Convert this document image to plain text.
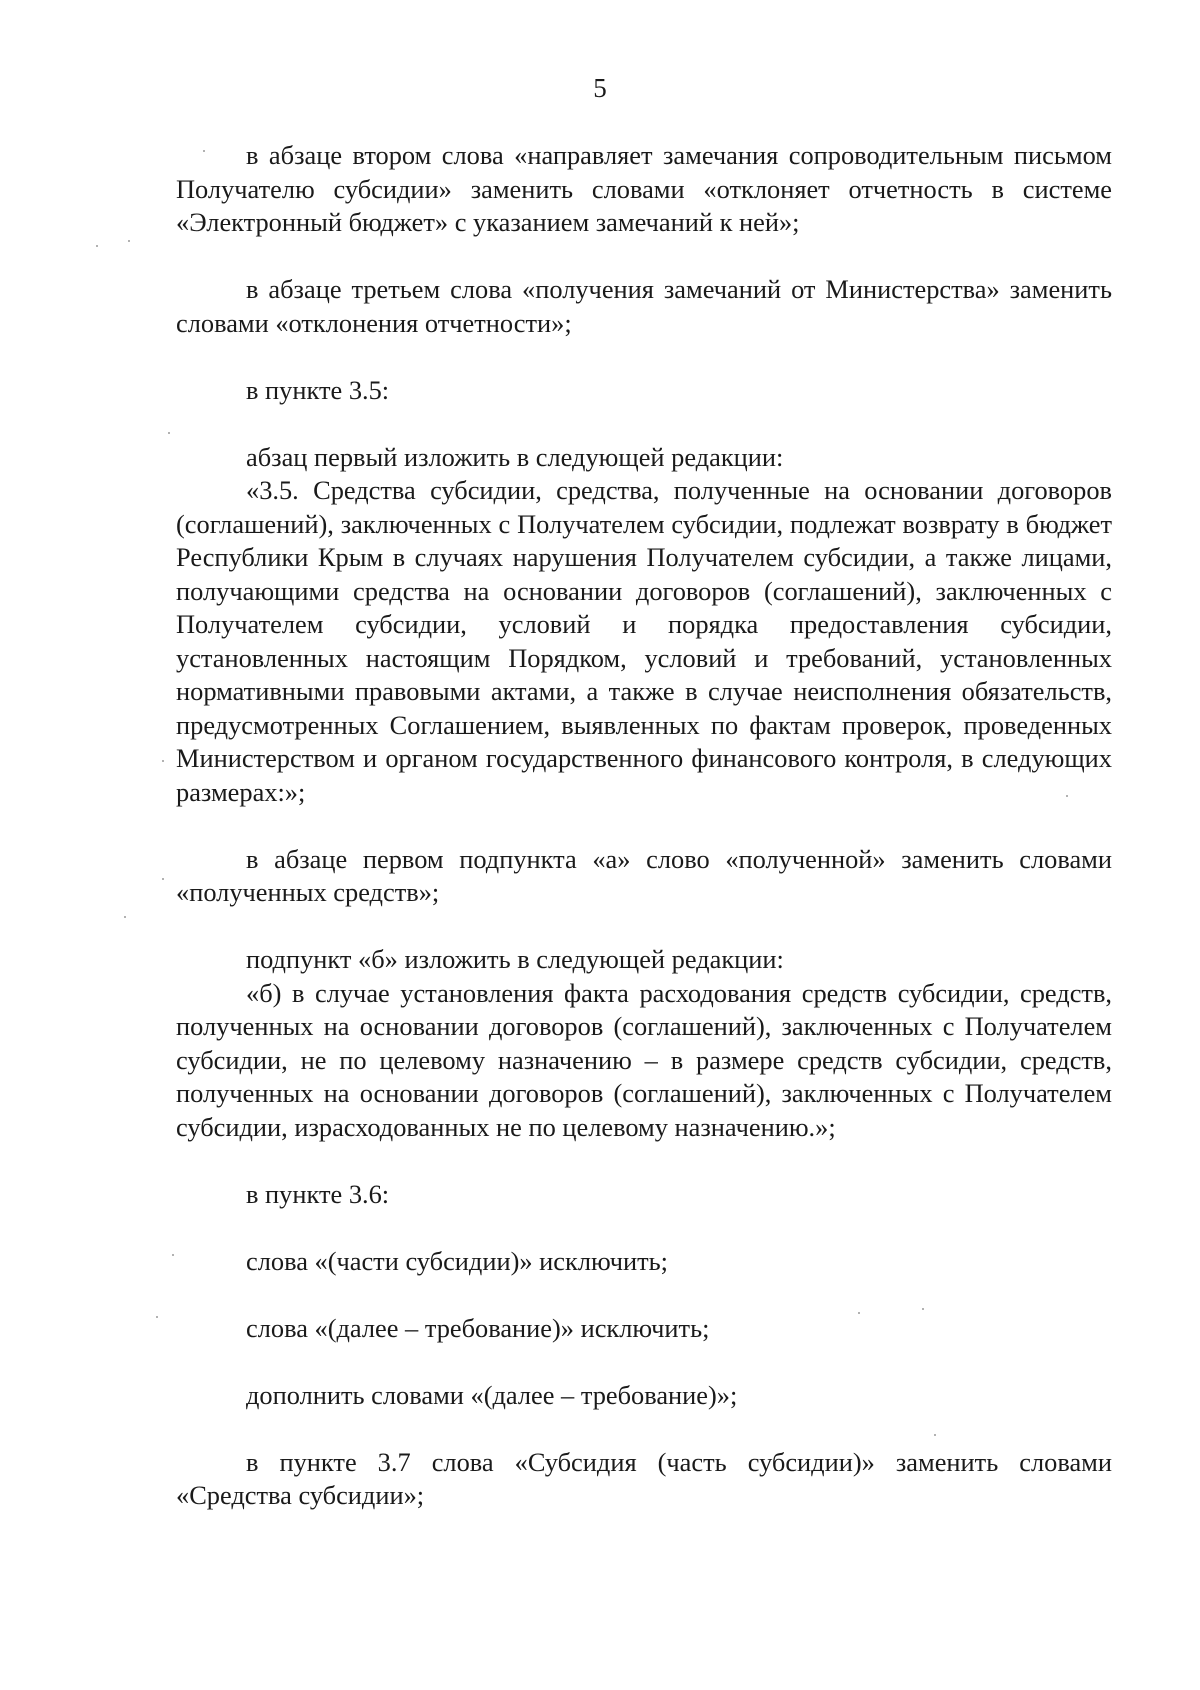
5

в абзаце втором слова «направляет замечания сопроводительным письмом Получателю субсидии» заменить словами «отклоняет отчетность в системе «Электронный бюджет» с указанием замечаний к ней»;

в абзаце третьем слова «получения замечаний от Министерства» заменить словами «отклонения отчетности»;

в пункте 3.5:

абзац первый изложить в следующей редакции:

«3.5. Средства субсидии, средства, полученные на основании договоров (соглашений), заключенных с Получателем субсидии, подлежат возврату в бюджет Республики Крым в случаях нарушения Получателем субсидии, а также лицами, получающими средства на основании договоров (соглашений), заключенных с Получателем субсидии, условий и порядка предоставления субсидии, установленных настоящим Порядком, условий и требований, установленных нормативными правовыми актами, а также в случае неисполнения обязательств, предусмотренных Соглашением, выявленных по фактам проверок, проведенных Министерством и органом государственного финансового контроля, в следующих размерах:»;

в абзаце первом подпункта «а» слово «полученной» заменить словами «полученных средств»;

подпункт «б» изложить в следующей редакции:

«б) в случае установления факта расходования средств субсидии, средств, полученных на основании договоров (соглашений), заключенных с Получателем субсидии, не по целевому назначению – в размере средств субсидии, средств, полученных на основании договоров (соглашений), заключенных с Получателем субсидии, израсходованных не по целевому назначению.»;

в пункте 3.6:

слова «(части субсидии)» исключить;

слова «(далее – требование)» исключить;

дополнить словами «(далее – требование)»;

в пункте 3.7 слова «Субсидия (часть субсидии)» заменить словами «Средства субсидии»;
